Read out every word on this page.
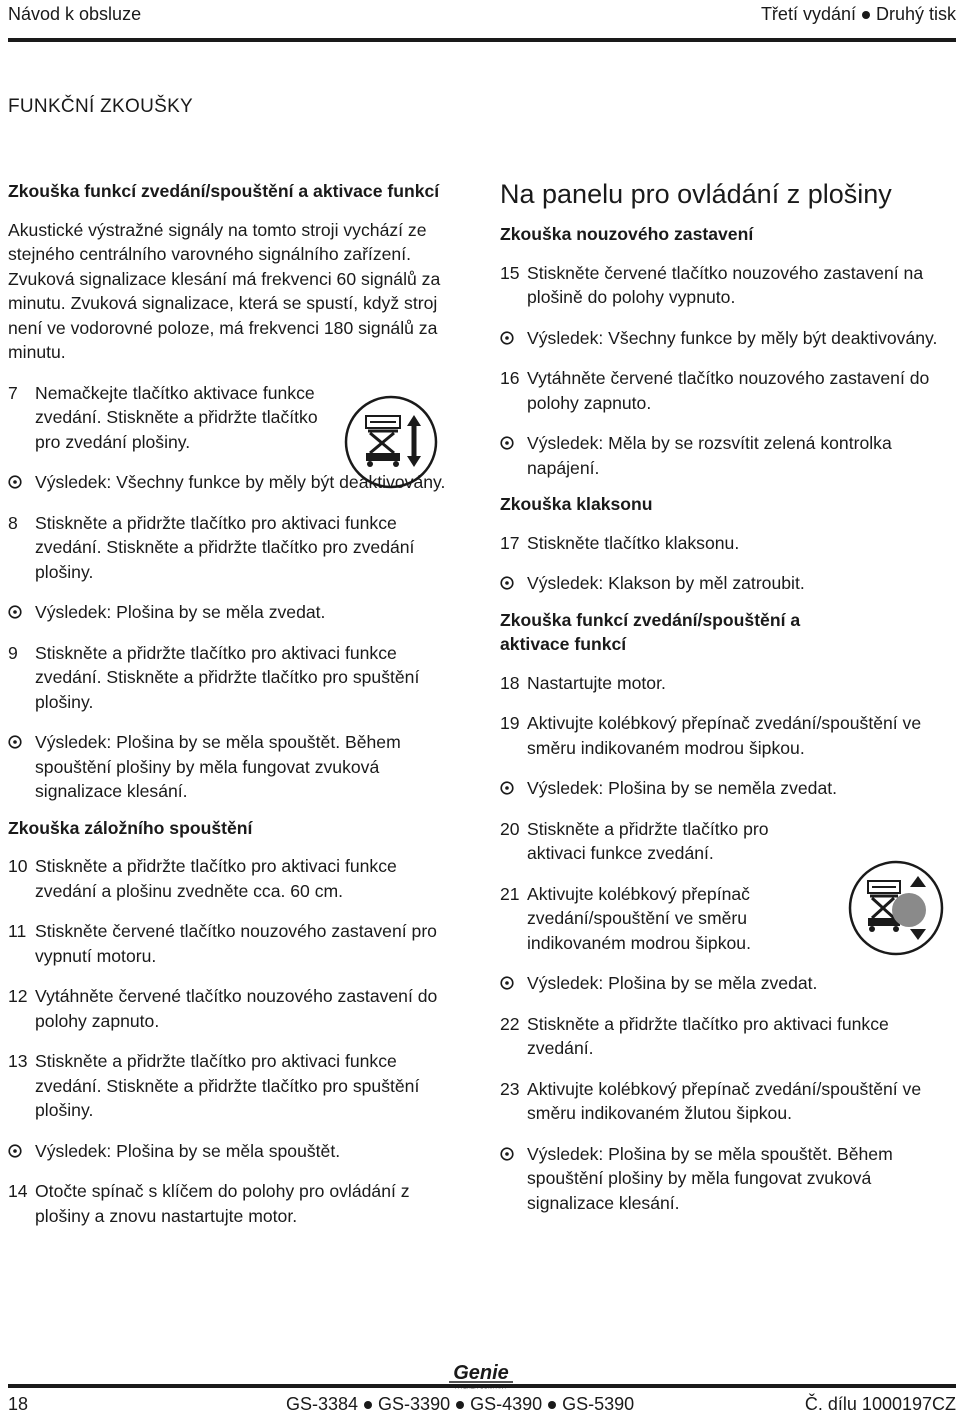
Návod k obsluze	Třetí vydání Druhý tisk
FUNKČNÍ ZKOUŠKY

Zkouška funkcí zvedání/spouštění a aktivace funkcí

Akustické výstražné signály na tomto stroji vychází ze stejného centrálního varovného signálního zařízení. Zvuková signalizace klesání má frekvenci 60 signálů za minutu. Zvuková signalizace, která se spustí, když stroj není ve vodorovné poloze, má frekvenci 180 signálů za minutu.

7 Nemačkejte tlačítko aktivace funkce zvedání. Stiskněte a přidržte tlačítko pro zvedání plošiny.

Výsledek: Všechny funkce by měly být deaktivovány.

8 Stiskněte a přidržte tlačítko pro aktivaci funkce zvedání. Stiskněte a přidržte tlačítko pro zvedání plošiny.

Výsledek: Plošina by se měla zvedat.

9 Stiskněte a přidržte tlačítko pro aktivaci funkce zvedání. Stiskněte a přidržte tlačítko pro spuštění plošiny.

Výsledek: Plošina by se měla spouštět. Během spouštění plošiny by měla fungovat zvuková signalizace klesání.

Zkouška záložního spouštění

10 Stiskněte a přidržte tlačítko pro aktivaci funkce zvedání a plošinu zvedněte cca. 60 cm.

11 Stiskněte červené tlačítko nouzového zastavení pro vypnutí motoru.

12 Vytáhněte červené tlačítko nouzového zastavení do polohy zapnuto.

13 Stiskněte a přidržte tlačítko pro aktivaci funkce zvedání. Stiskněte a přidržte tlačítko pro spuštění plošiny.

Výsledek: Plošina by se měla spouštět.

14 Otočte spínač s klíčem do polohy pro ovládání z plošiny a znovu nastartujte motor.

Na panelu pro ovládání z plošiny

Zkouška nouzového zastavení

15 Stiskněte červené tlačítko nouzového zastavení na plošině do polohy vypnuto.

Výsledek: Všechny funkce by měly být deaktivovány.

16 Vytáhněte červené tlačítko nouzového zastavení do polohy zapnuto.

Výsledek: Měla by se rozsvítit zelená kontrolka napájení.

Zkouška klaksonu

17 Stiskněte tlačítko klaksonu.

Výsledek: Klakson by měl zatroubit.

Zkouška funkcí zvedání/spouštění a aktivace funkcí

18 Nastartujte motor.

19 Aktivujte kolébkový přepínač zvedání/spouštění ve směru indikovaném modrou šipkou.

Výsledek: Plošina by se neměla zvedat.

20 Stiskněte a přidržte tlačítko pro aktivaci funkce zvedání.

21 Aktivujte kolébkový přepínač zvedání/spouštění ve směru indikovaném modrou šipkou.

Výsledek: Plošina by se měla zvedat.

22 Stiskněte a přidržte tlačítko pro aktivaci funkce zvedání.

23 Aktivujte kolébkový přepínač zvedání/spouštění ve směru indikovaném žlutou šipkou.

Výsledek: Plošina by se měla spouštět. Během spouštění plošiny by měla fungovat zvuková signalizace klesání.

Genie
18	GS-3384 GS-3390 GS-4390 GS-5390	Č. dílu 1000197CZ
